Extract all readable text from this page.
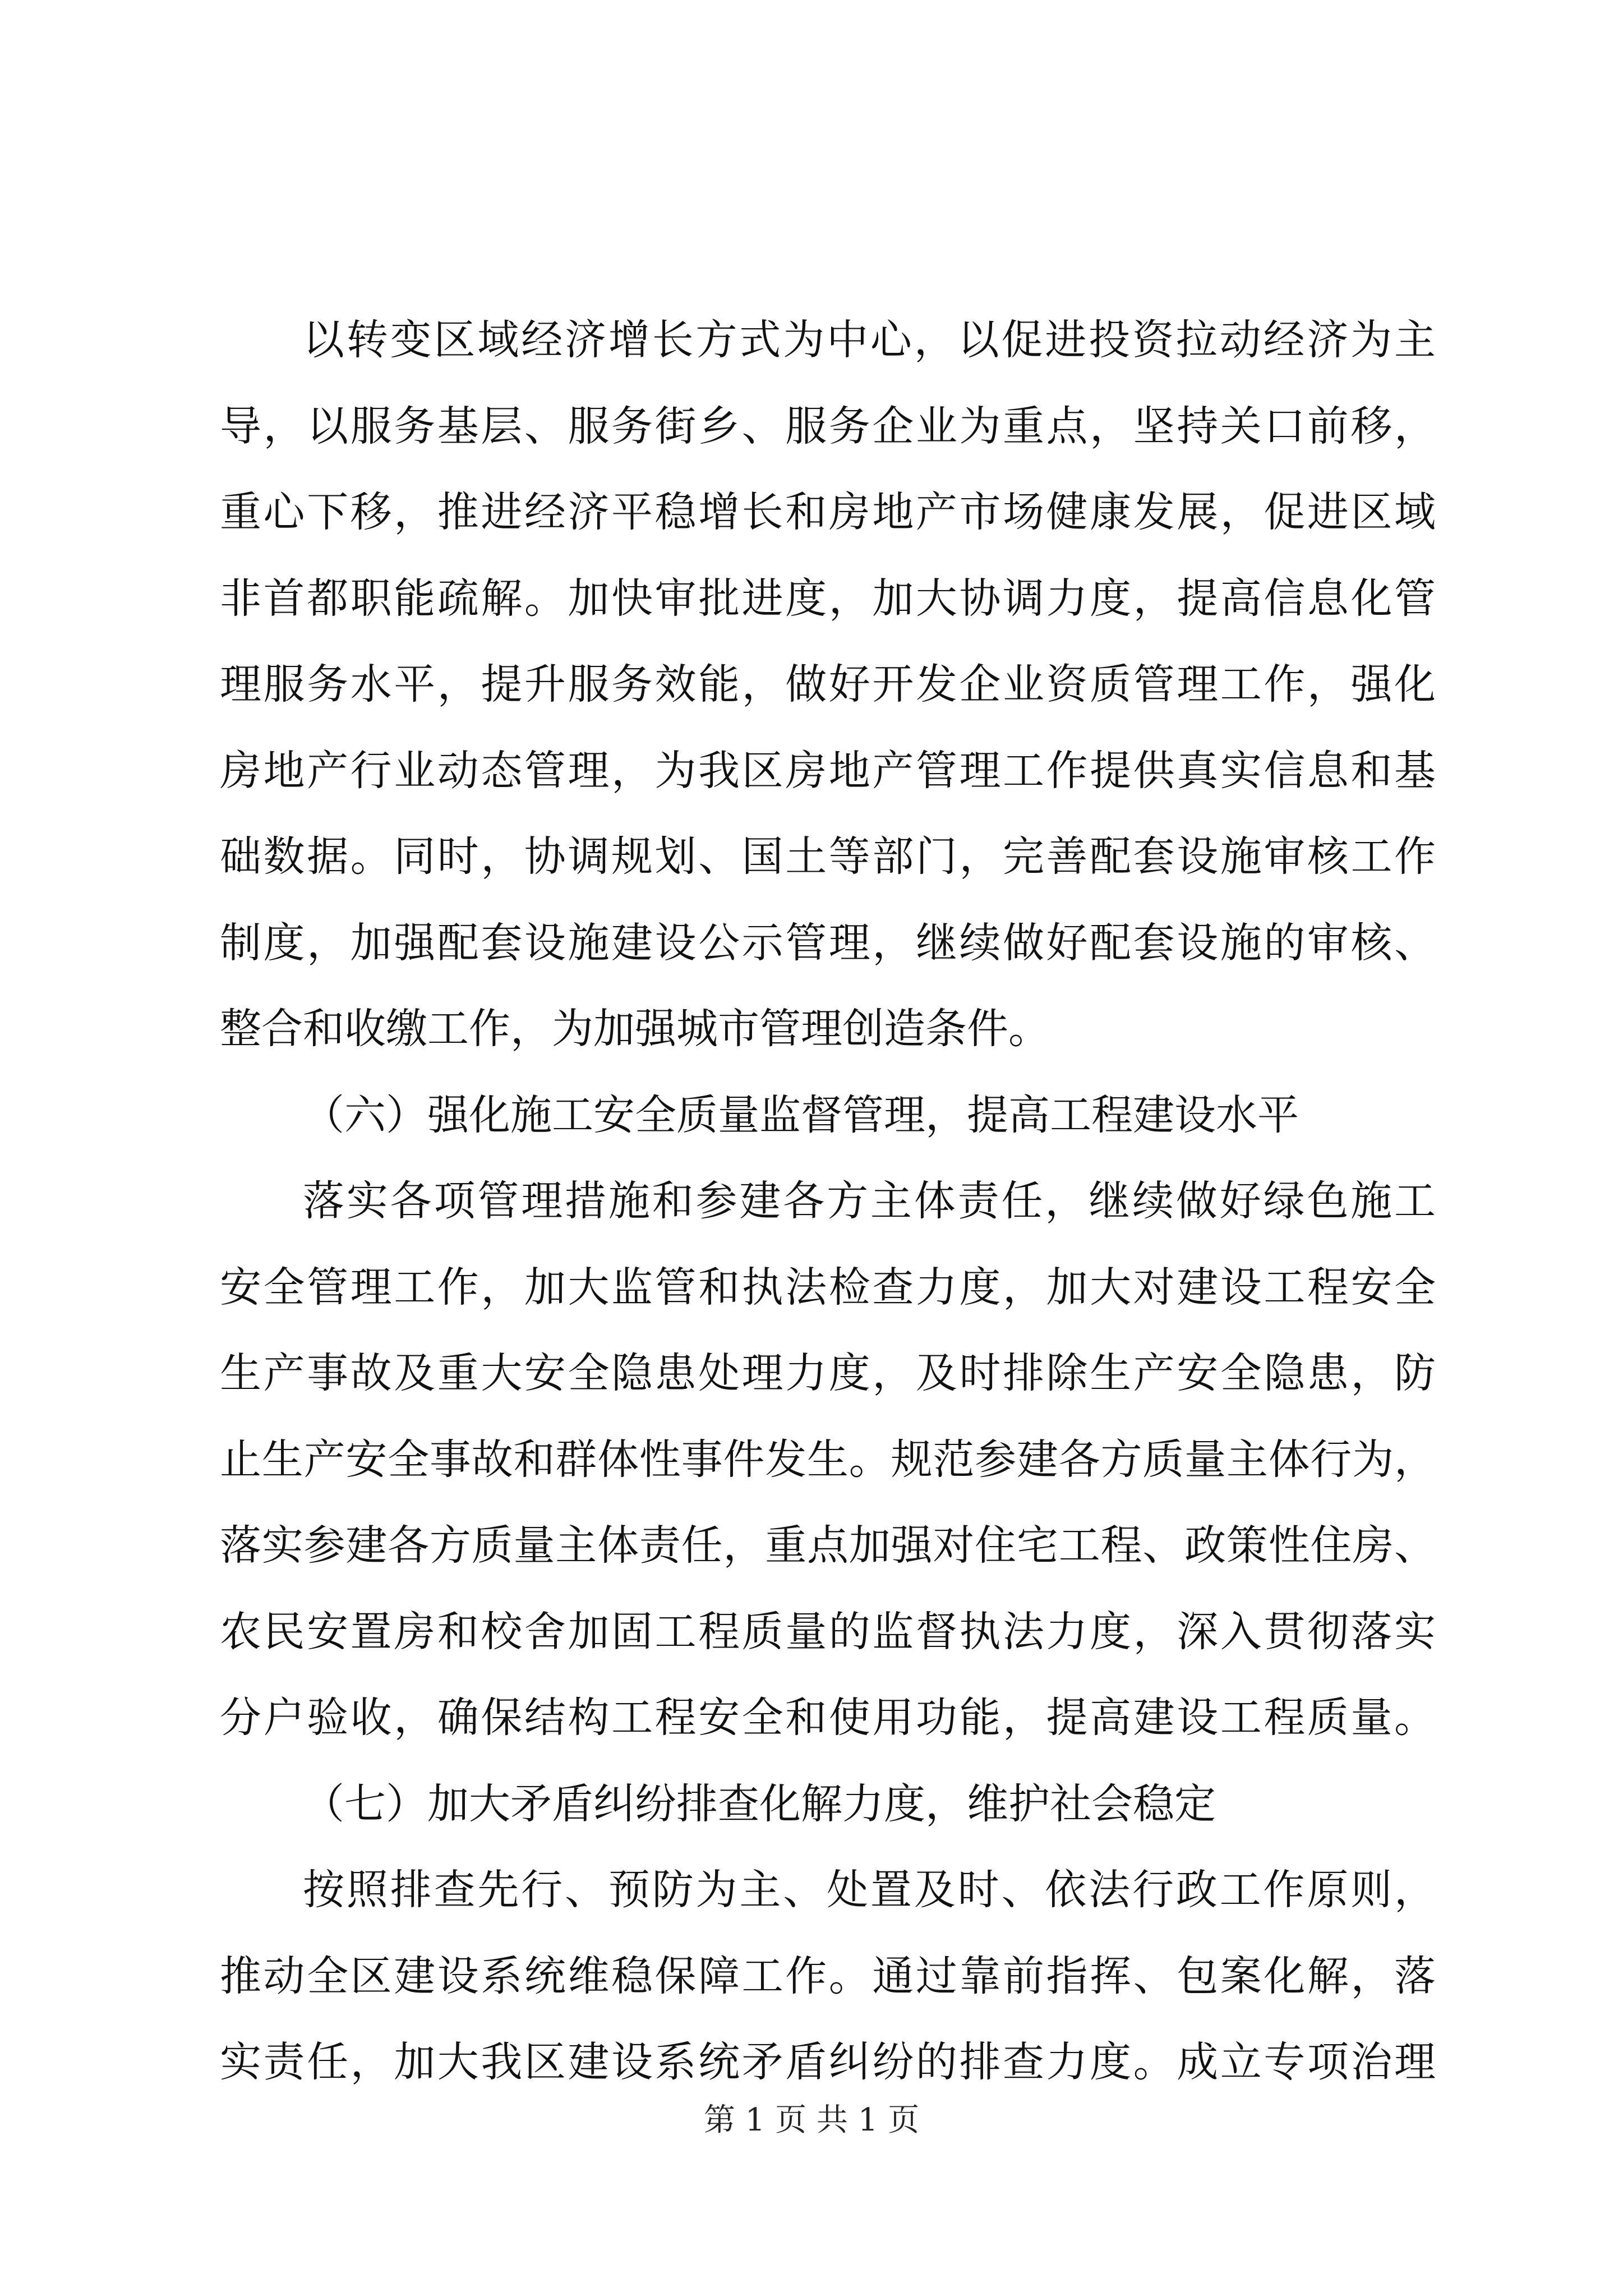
以转变区域经济增长方式为中心，以促进投资拉动经济为主
导，以服务基层、服务街乡、服务企业为重点，坚持关口前移，
重心下移，推进经济平稳增长和房地产市场健康发展，促进区域
非首都职能疏解。加快审批进度，加大协调力度，提高信息化管
理服务水平，提升服务效能，做好开发企业资质管理工作，强化
房地产行业动态管理，为我区房地产管理工作提供真实信息和基
础数据。同时，协调规划、国土等部门，完善配套设施审核工作
制度，加强配套设施建设公示管理，继续做好配套设施的审核、
整合和收缴工作，为加强城市管理创造条件。
（六）强化施工安全质量监督管理，提高工程建设水平
落实各项管理措施和参建各方主体责任，继续做好绿色施工
安全管理工作，加大监管和执法检查力度，加大对建设工程安全
生产事故及重大安全隐患处理力度，及时排除生产安全隐患，防
止生产安全事故和群体性事件发生。规范参建各方质量主体行为，
落实参建各方质量主体责任，重点加强对住宅工程、政策性住房、
农民安置房和校舍加固工程质量的监督执法力度，深入贯彻落实
分户验收，确保结构工程安全和使用功能，提高建设工程质量。
（七）加大矛盾纠纷排查化解力度，维护社会稳定
按照排查先行、预防为主、处置及时、依法行政工作原则，
推动全区建设系统维稳保障工作。通过靠前指挥、包案化解，落
实责任，加大我区建设系统矛盾纠纷的排查力度。成立专项治理
第 1 页 共 1 页
